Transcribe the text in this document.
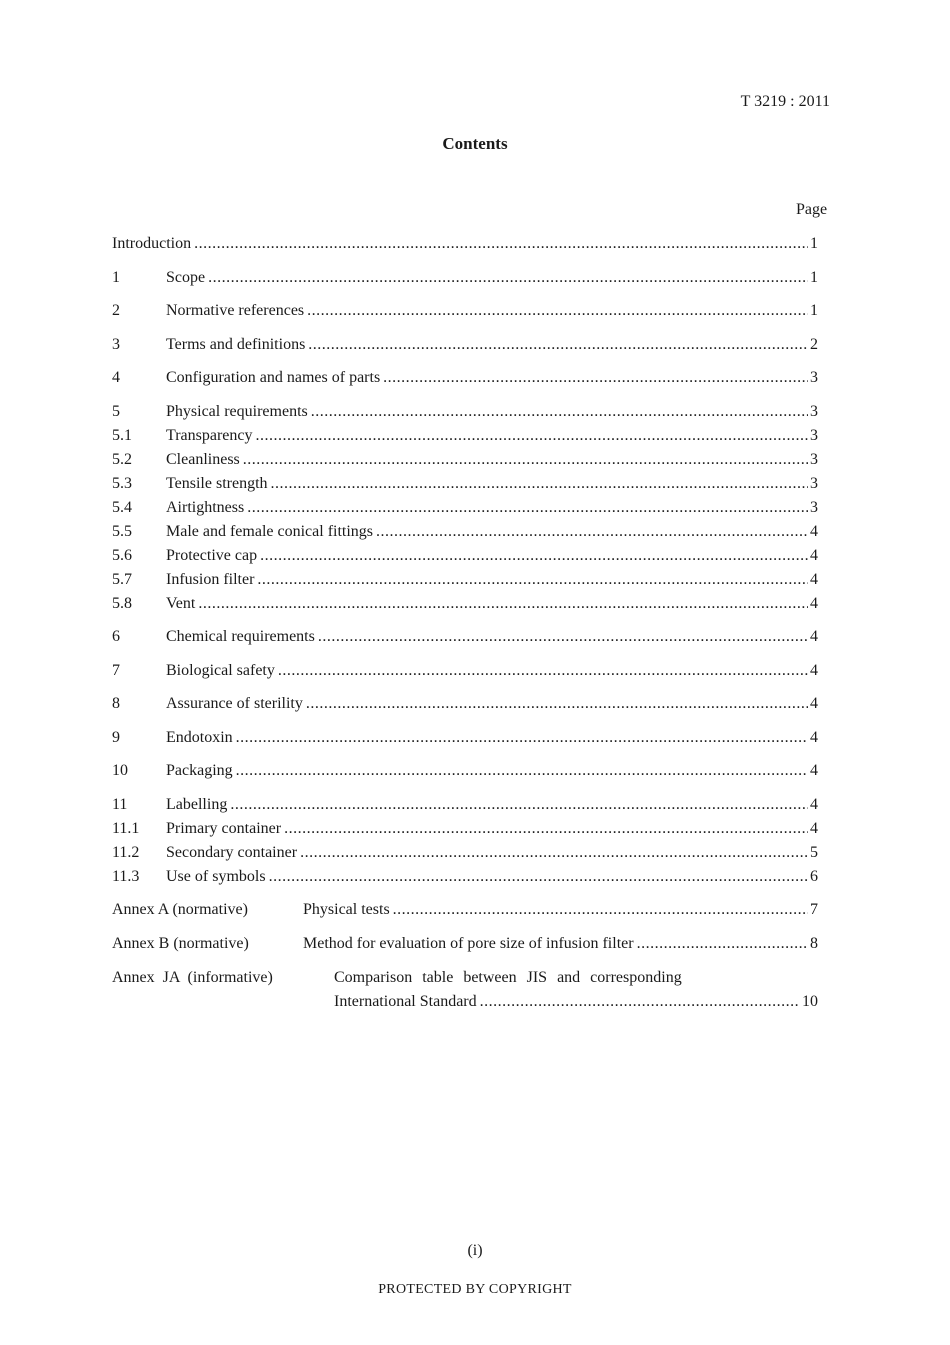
T 3219 : 2011
Contents
Page
Introduction .....	1
1	Scope .....	1
2	Normative references .....	1
3	Terms and definitions .....	2
4	Configuration and names of parts .....	3
5	Physical requirements .....	3
5.1 Transparency .....	3
5.2 Cleanliness .....	3
5.3 Tensile strength .....	3
5.4 Airtightness .....	3
5.5 Male and female conical fittings .....	4
5.6 Protective cap .....	4
5.7 Infusion filter .....	4
5.8 Vent .....	4
6	Chemical requirements .....	4
7	Biological safety .....	4
8	Assurance of sterility .....	4
9	Endotoxin .....	4
10 Packaging .....	4
11 Labelling .....	4
11.1 Primary container .....	4
11.2 Secondary container .....	5
11.3 Use of symbols .....	6
Annex A (normative)	Physical tests .....	7
Annex B (normative)	Method for evaluation of pore size of infusion filter .....	8
Annex JA (informative)	Comparison table between JIS and corresponding
International Standard .....	10
(i)
PROTECTED BY COPYRIGHT
